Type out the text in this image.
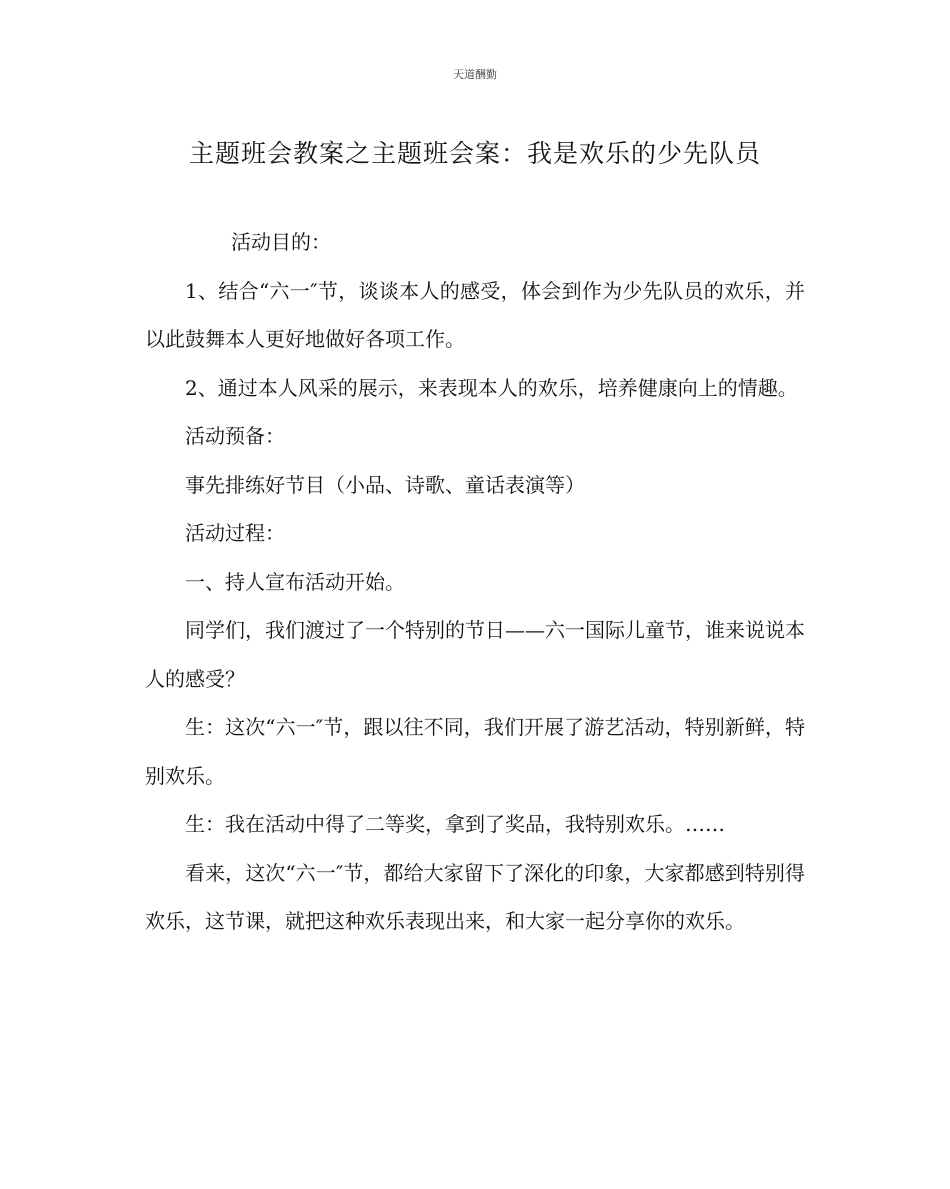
天道酬勤
主题班会教案之主题班会案：我是欢乐的少先队员

活动目的：

1、结合“六一″节，谈谈本人的感受，体会到作为少先队员的欢乐，并以此鼓舞本人更好地做好各项工作。

2、通过本人风采的展示，来表现本人的欢乐，培养健康向上的情趣。

活动预备：

事先排练好节目（小品、诗歌、童话表演等）

活动过程：

一、持人宣布活动开始。

同学们，我们渡过了一个特别的节日——六一国际儿童节，谁来说说本人的感受？

生：这次“六一″节，跟以往不同，我们开展了游艺活动，特别新鲜，特别欢乐。

生：我在活动中得了二等奖，拿到了奖品，我特别欢乐。……

看来，这次“六一″节，都给大家留下了深化的印象，大家都感到特别得欢乐，这节课，就把这种欢乐表现出来，和大家一起分享你的欢乐。
